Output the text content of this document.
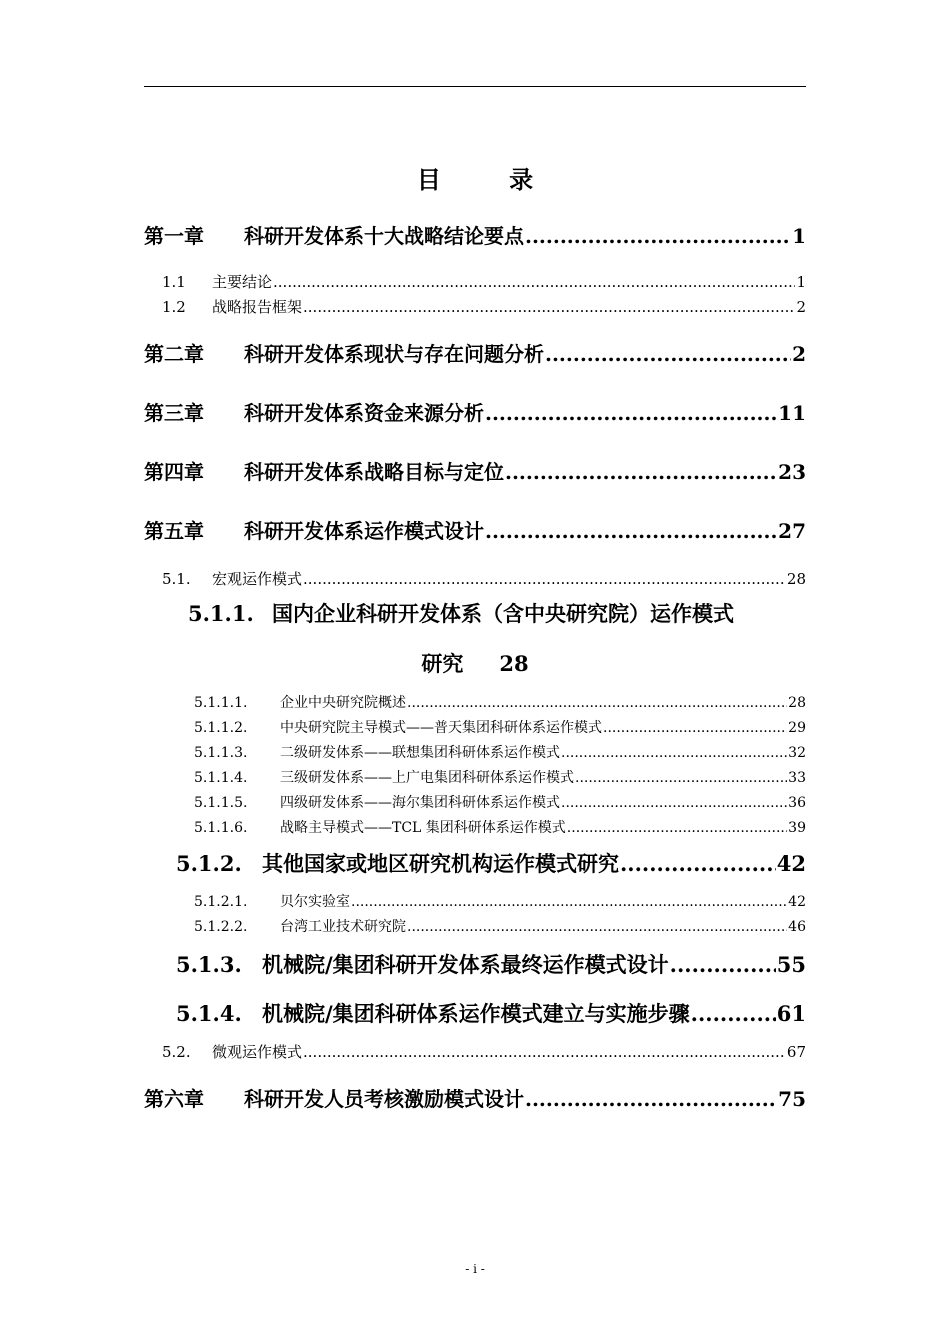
目 录
第一章	科研开发体系十大战略结论要点 .....	1
1.1	主要结论 .....	1
1.2	战略报告框架 .....	2
第二章	科研开发体系现状与存在问题分析 .....	2
第三章	科研开发体系资金来源分析 .....	11
第四章	科研开发体系战略目标与定位 .....	23
第五章	科研开发体系运作模式设计 .....	27
5.1.	宏观运作模式 .....	28
5.1.1. 国内企业科研开发体系（含中央研究院）运作模式
研究 28
5.1.1.1.	企业中央研究院概述 .....	28
5.1.1.2.	中央研究院主导模式——普天集团科研体系运作模式 .....	29
5.1.1.3.	二级研发体系——联想集团科研体系运作模式 .....	32
5.1.1.4.	三级研发体系——上广电集团科研体系运作模式 .....	33
5.1.1.5.	四级研发体系——海尔集团科研体系运作模式 .....	36
5.1.1.6.	战略主导模式——TCL 集团科研体系运作模式 .....	39
5.1.2. 其他国家或地区研究机构运作模式研究 .....	42
5.1.2.1.	贝尔实验室 .....	42
5.1.2.2.	台湾工业技术研究院 .....	46
5.1.3. 机械院/集团科研开发体系最终运作模式设计 .....	55
5.1.4. 机械院/集团科研体系运作模式建立与实施步骤 .....	61
5.2.	微观运作模式 .....	67
第六章	科研开发人员考核激励模式设计 .....	75
- i -
